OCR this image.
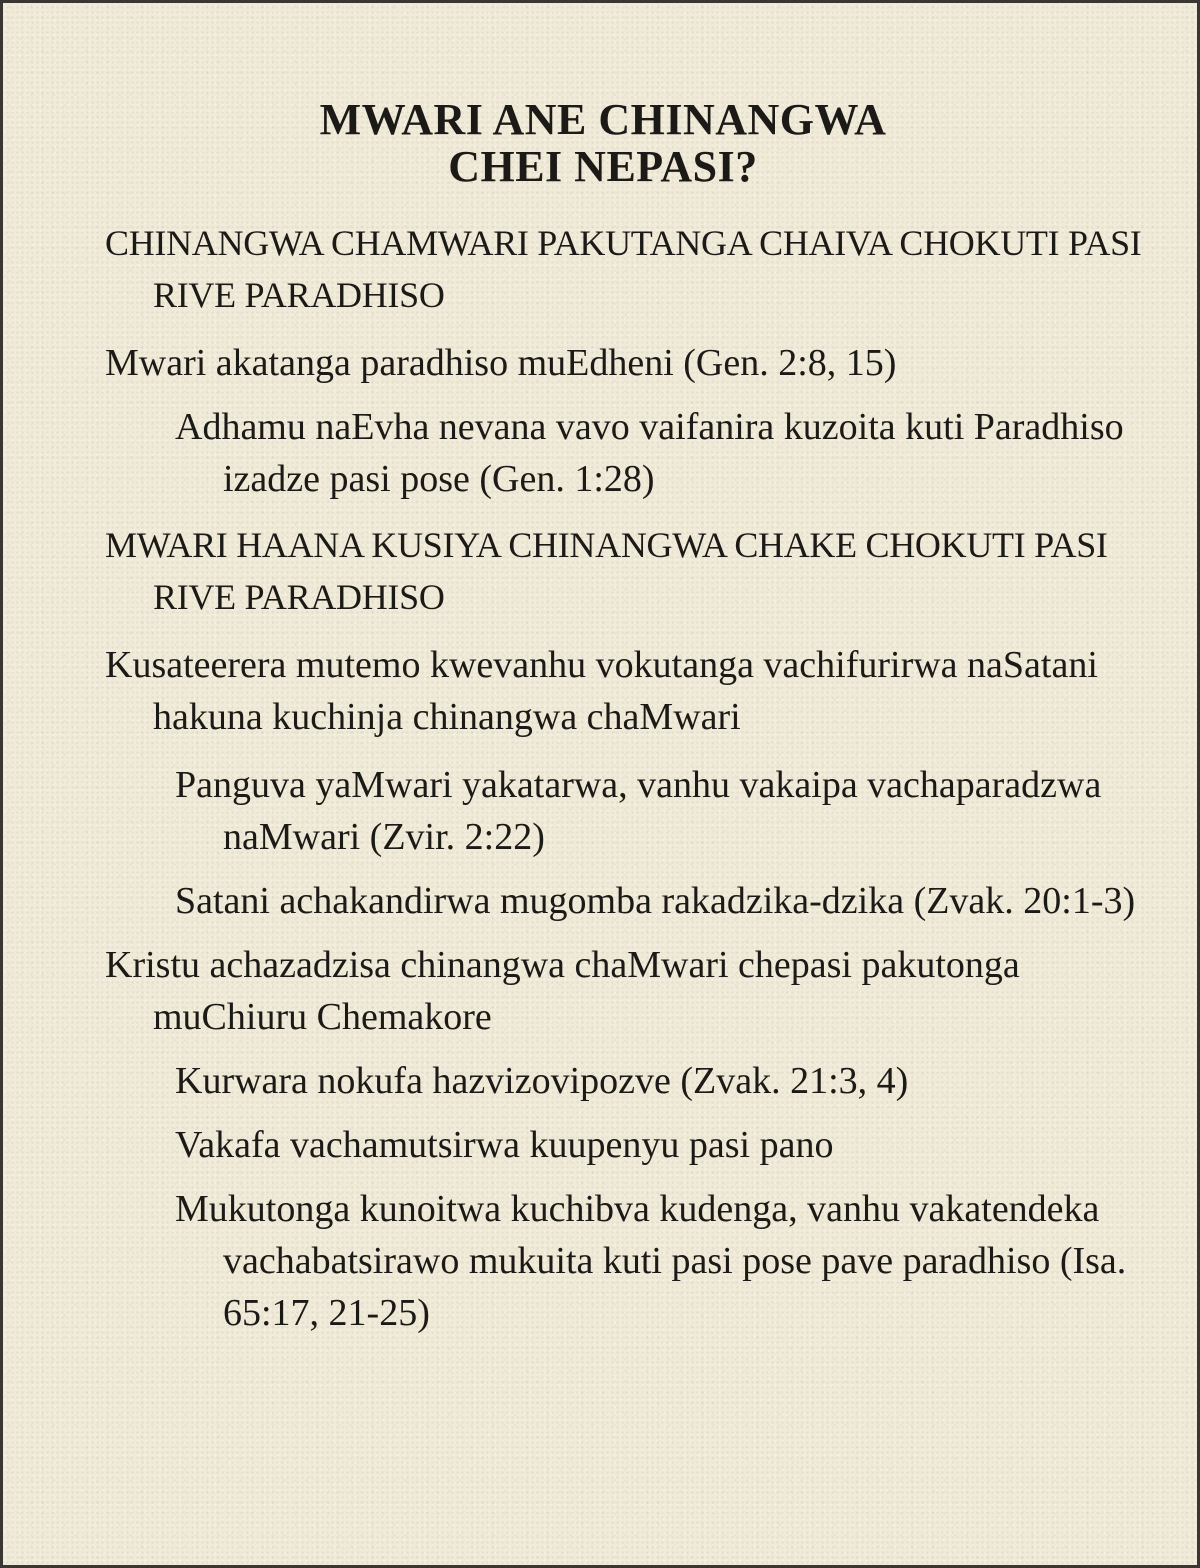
MWARI ANE CHINANGWA
CHEI NEPASI?

CHINANGWA CHAMWARI PAKUTANGA CHAIVA CHOKUTI PASI RIVE PARADHISO

Mwari akatanga paradhiso muEdheni (Gen. 2:8, 15)

Adhamu naEvha nevana vavo vaifanira kuzoita kuti Paradhiso izadze pasi pose (Gen. 1:28)

MWARI HAANA KUSIYA CHINANGWA CHAKE CHOKUTI PASI RIVE PARADHISO

Kusateerera mutemo kwevanhu vokutanga vachifurirwa naSatani hakuna kuchinja chinangwa chaMwari

Panguva yaMwari yakatarwa, vanhu vakaipa vachaparadzwa naMwari (Zvir. 2:22)

Satani achakandirwa mugomba rakadzika-dzika (Zvak. 20:1-3)

Kristu achazadzisa chinangwa chaMwari chepasi pakutonga muChiuru Chemakore

Kurwara nokufa hazvizovipozve (Zvak. 21:3, 4)

Vakafa vachamutsirwa kuupenyu pasi pano

Mukutonga kunoitwa kuchibva kudenga, vanhu vakatendeka vachabatsirawo mukuita kuti pasi pose pave paradhiso (Isa. 65:17, 21-25)
